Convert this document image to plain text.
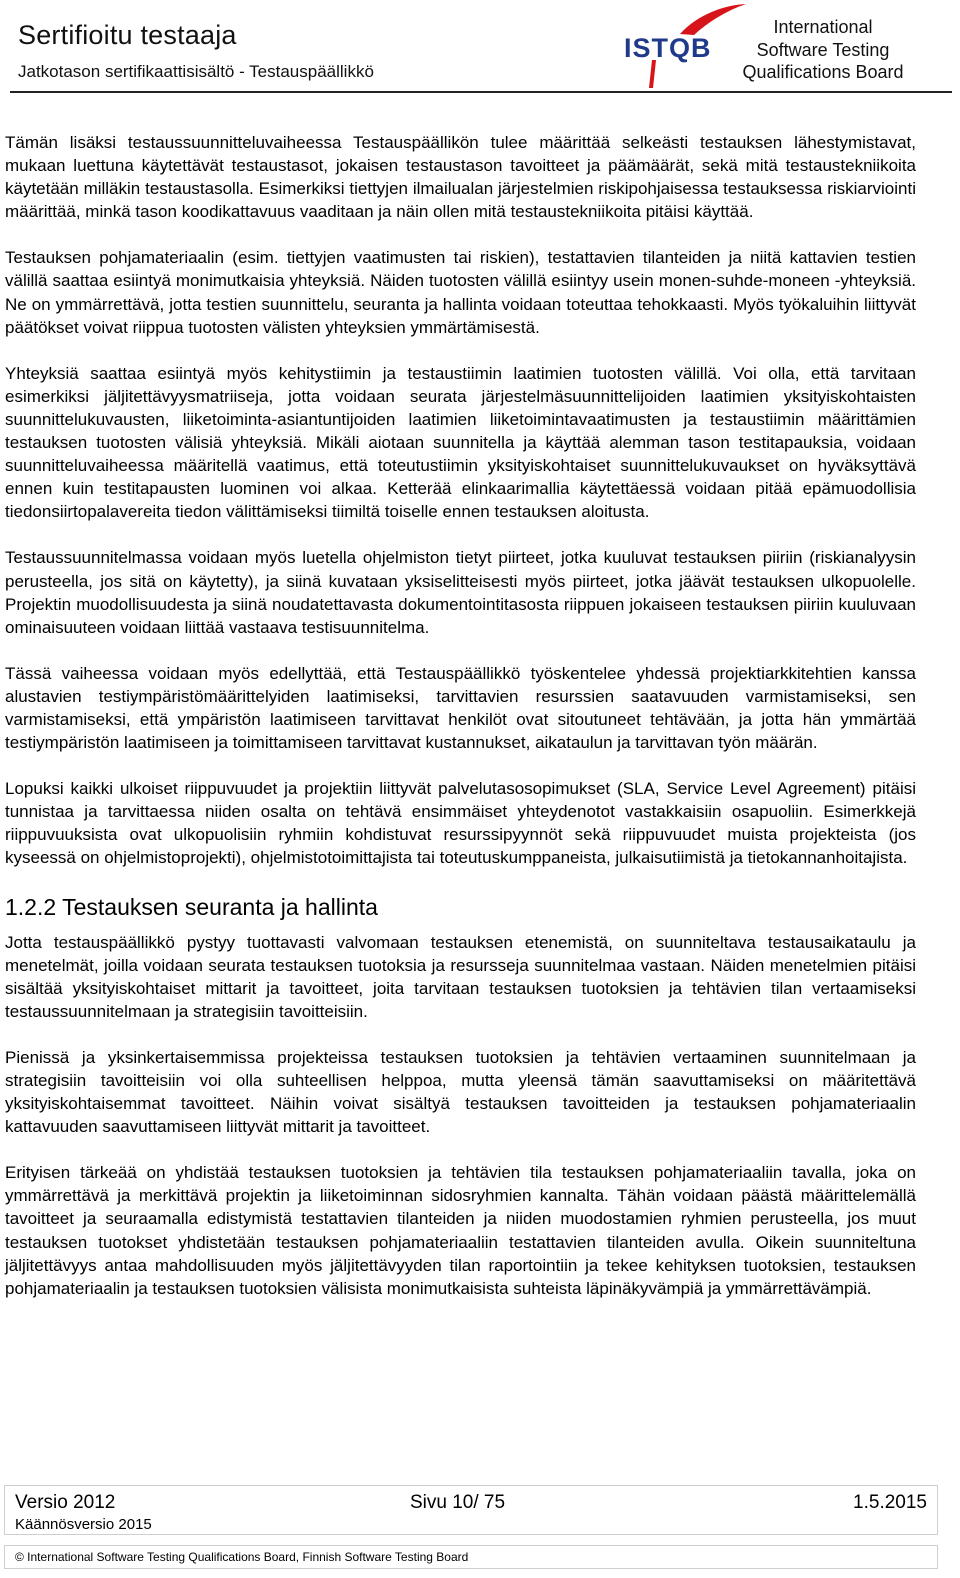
Sertifioitu testaaja
Jatkotason sertifikaattisisältö - Testauspäällikkö
ISTQB
International
Software Testing
Qualifications Board

Tämän lisäksi testaussuunnitteluvaiheessa Testauspäällikön tulee määrittää selkeästi testauksen lähestymistavat, mukaan luettuna käytettävät testaustasot, jokaisen testaustason tavoitteet ja päämäärät, sekä mitä testaustekniikoita käytetään milläkin testaustasolla. Esimerkiksi tiettyjen ilmailualan järjestelmien riskipohjaisessa testauksessa riskiarviointi määrittää, minkä tason koodikattavuus vaaditaan ja näin ollen mitä testaustekniikoita pitäisi käyttää.

Testauksen pohjamateriaalin (esim. tiettyjen vaatimusten tai riskien), testattavien tilanteiden ja niitä kattavien testien välillä saattaa esiintyä monimutkaisia yhteyksiä. Näiden tuotosten välillä esiintyy usein monen-suhde-moneen -yhteyksiä. Ne on ymmärrettävä, jotta testien suunnittelu, seuranta ja hallinta voidaan toteuttaa tehokkaasti. Myös työkaluihin liittyvät päätökset voivat riippua tuotosten välisten yhteyksien ymmärtämisestä.

Yhteyksiä saattaa esiintyä myös kehitystiimin ja testaustiimin laatimien tuotosten välillä. Voi olla, että tarvitaan esimerkiksi jäljitettävyysmatriiseja, jotta voidaan seurata järjestelmäsuunnittelijoiden laatimien yksityiskohtaisten suunnittelukuvausten, liiketoiminta-asiantuntijoiden laatimien liiketoimintavaatimusten ja testaustiimin määrittämien testauksen tuotosten välisiä yhteyksiä. Mikäli aiotaan suunnitella ja käyttää alemman tason testitapauksia, voidaan suunnitteluvaiheessa määritellä vaatimus, että toteutustiimin yksityiskohtaiset suunnittelukuvaukset on hyväksyttävä ennen kuin testitapausten luominen voi alkaa. Ketterää elinkaarimallia käytettäessä voidaan pitää epämuodollisia tiedonsiirtopalavereita tiedon välittämiseksi tiimiltä toiselle ennen testauksen aloitusta.

Testaussuunnitelmassa voidaan myös luetella ohjelmiston tietyt piirteet, jotka kuuluvat testauksen piiriin (riskianalyysin perusteella, jos sitä on käytetty), ja siinä kuvataan yksiselitteisesti myös piirteet, jotka jäävät testauksen ulkopuolelle. Projektin muodollisuudesta ja siinä noudatettavasta dokumentointitasosta riippuen jokaiseen testauksen piiriin kuuluvaan ominaisuuteen voidaan liittää vastaava testisuunnitelma.

Tässä vaiheessa voidaan myös edellyttää, että Testauspäällikkö työskentelee yhdessä projektiarkkitehtien kanssa alustavien testiympäristömäärittelyiden laatimiseksi, tarvittavien resurssien saatavuuden varmistamiseksi, sen varmistamiseksi, että ympäristön laatimiseen tarvittavat henkilöt ovat sitoutuneet tehtävään, ja jotta hän ymmärtää testiympäristön laatimiseen ja toimittamiseen tarvittavat kustannukset, aikataulun ja tarvittavan työn määrän.

Lopuksi kaikki ulkoiset riippuvuudet ja projektiin liittyvät palvelutasosopimukset (SLA, Service Level Agreement) pitäisi tunnistaa ja tarvittaessa niiden osalta on tehtävä ensimmäiset yhteydenotot vastakkaisiin osapuoliin. Esimerkkejä riippuvuuksista ovat ulkopuolisiin ryhmiin kohdistuvat resurssipyynnöt sekä riippuvuudet muista projekteista (jos kyseessä on ohjelmistoprojekti), ohjelmistotoimittajista tai toteutuskumppaneista, julkaisutiimistä ja tietokannanhoitajista.

1.2.2 Testauksen seuranta ja hallinta

Jotta testauspäällikkö pystyy tuottavasti valvomaan testauksen etenemistä, on suunniteltava testausaikataulu ja menetelmät, joilla voidaan seurata testauksen tuotoksia ja resursseja suunnitelmaa vastaan. Näiden menetelmien pitäisi sisältää yksityiskohtaiset mittarit ja tavoitteet, joita tarvitaan testauksen tuotoksien ja tehtävien tilan vertaamiseksi testaussuunnitelmaan ja strategisiin tavoitteisiin.

Pienissä ja yksinkertaisemmissa projekteissa testauksen tuotoksien ja tehtävien vertaaminen suunnitelmaan ja strategisiin tavoitteisiin voi olla suhteellisen helppoa, mutta yleensä tämän saavuttamiseksi on määritettävä yksityiskohtaisemmat tavoitteet. Näihin voivat sisältyä testauksen tavoitteiden ja testauksen pohjamateriaalin kattavuuden saavuttamiseen liittyvät mittarit ja tavoitteet.

Erityisen tärkeää on yhdistää testauksen tuotoksien ja tehtävien tila testauksen pohjamateriaaliin tavalla, joka on ymmärrettävä ja merkittävä projektin ja liiketoiminnan sidosryhmien kannalta. Tähän voidaan päästä määrittelemällä tavoitteet ja seuraamalla edistymistä testattavien tilanteiden ja niiden muodostamien ryhmien perusteella, jos muut testauksen tuotokset yhdistetään testauksen pohjamateriaaliin testattavien tilanteiden avulla. Oikein suunniteltuna jäljitettävyys antaa mahdollisuuden myös jäljitettävyyden tilan raportointiin ja tekee kehityksen tuotoksien, testauksen pohjamateriaalin ja testauksen tuotoksien välisista monimutkaisista suhteista läpinäkyvämpiä ja ymmärrettävämpiä.

Versio 2012
Käännösversio 2015
Sivu 10/ 75	1.5.2015
© International Software Testing Qualifications Board, Finnish Software Testing Board
